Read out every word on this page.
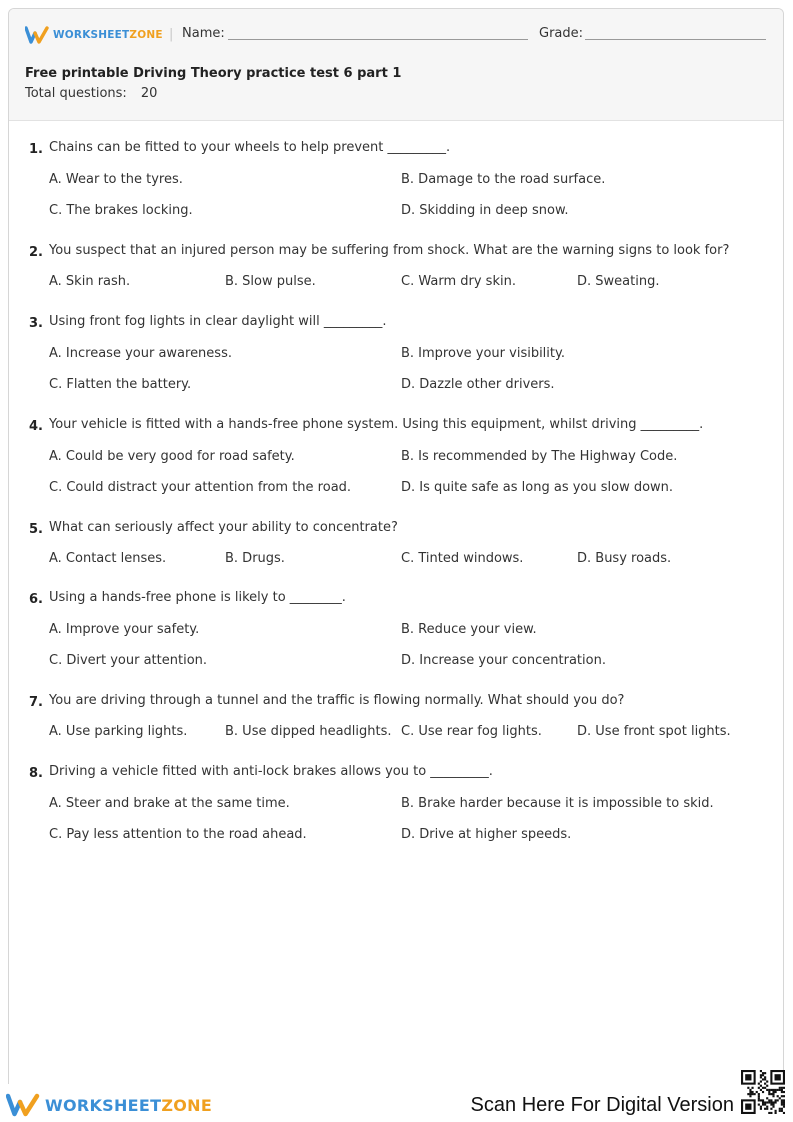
WORKSHEETZONE | Name:	Grade:
Free printable Driving Theory practice test 6 part 1
Total questions: 20
1. Chains can be fitted to your wheels to help prevent _________.
A. Wear to the tyres.	B. Damage to the road surface.
C. The brakes locking.	D. Skidding in deep snow.
2. You suspect that an injured person may be suffering from shock. What are the warning signs to look for?
A. Skin rash.	B. Slow pulse.	C. Warm dry skin.	D. Sweating.
3. Using front fog lights in clear daylight will _________.
A. Increase your awareness.	B. Improve your visibility.
C. Flatten the battery.	D. Dazzle other drivers.
4. Your vehicle is fitted with a hands-free phone system. Using this equipment, whilst driving _________.
A. Could be very good for road safety.	B. Is recommended by The Highway Code.
C. Could distract your attention from the road.	D. Is quite safe as long as you slow down.
5. What can seriously affect your ability to concentrate?
A. Contact lenses.	B. Drugs.	C. Tinted windows.	D. Busy roads.
6. Using a hands-free phone is likely to ________.
A. Improve your safety.	B. Reduce your view.
C. Divert your attention.	D. Increase your concentration.
7. You are driving through a tunnel and the traffic is flowing normally. What should you do?
A. Use parking lights.	B. Use dipped headlights. C. Use rear fog lights.	D. Use front spot lights.
8. Driving a vehicle fitted with anti-lock brakes allows you to _________.
A. Steer and brake at the same time.	B. Brake harder because it is impossible to skid.
C. Pay less attention to the road ahead.	D. Drive at higher speeds.
WORKSHEETZONE	Scan Here For Digital Version
